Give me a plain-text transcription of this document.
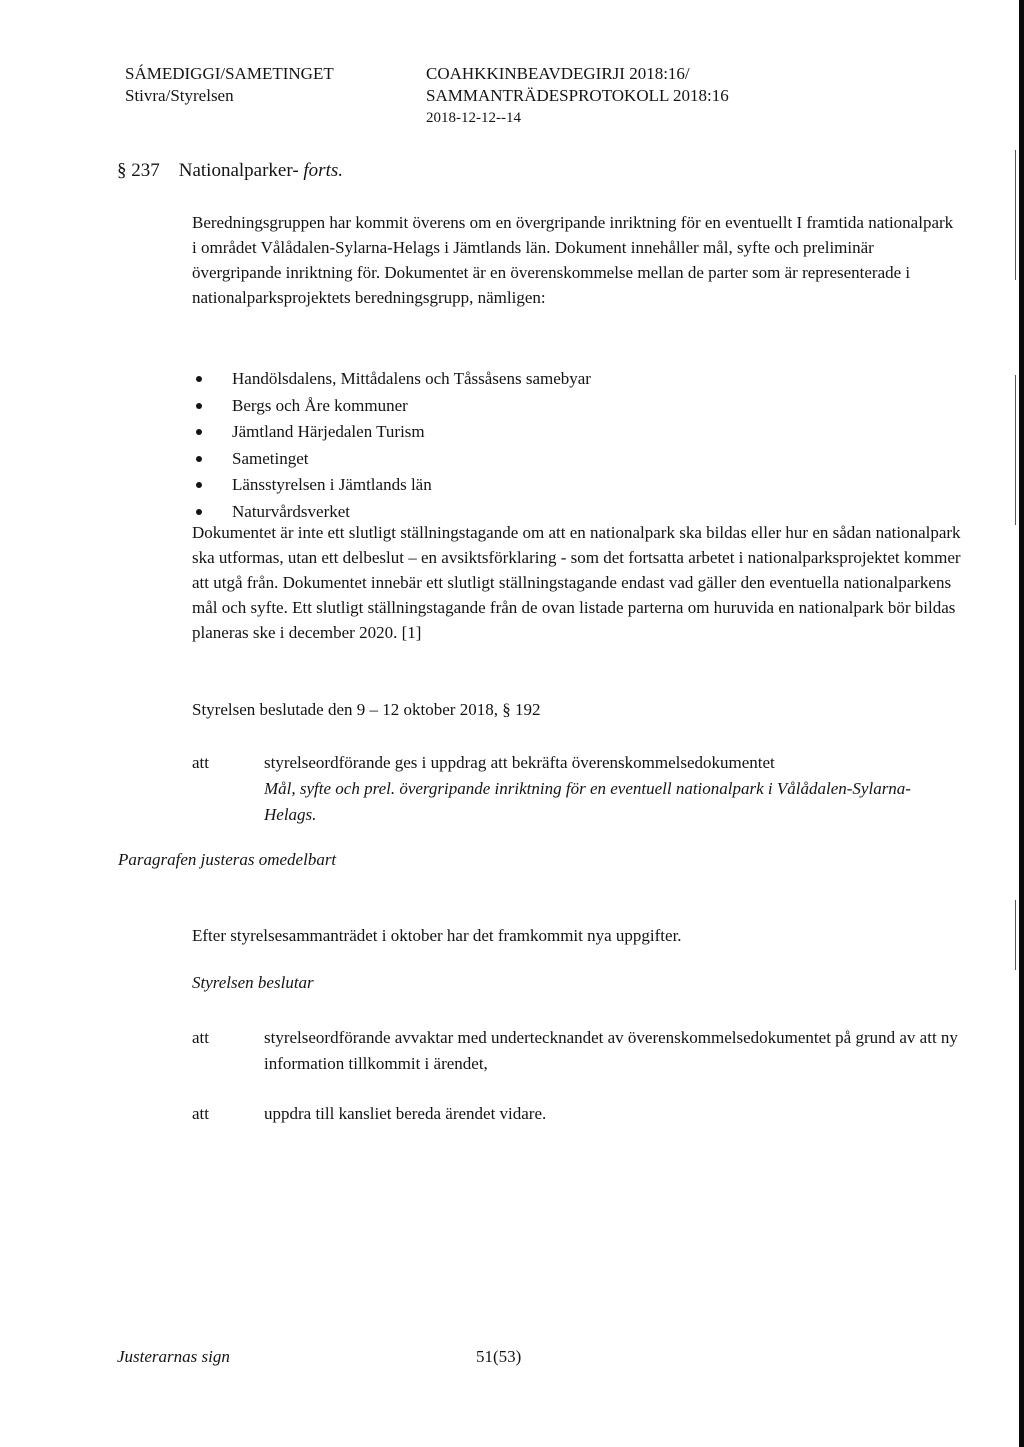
SÁMEDIGGI/SAMETINGET
Stivra/Styrelsen
COAHKKINBEAVDEGIRJI 2018:16/
SAMMANTRÄDESPROTOKOLL 2018:16
2018-12-12--14
§ 237 Nationalparker- forts.

Beredningsgruppen har kommit överens om en övergripande inriktning för en eventuellt I framtida nationalpark i området Vålådalen-Sylarna-Helags i Jämtlands län. Dokument innehåller mål, syfte och preliminär övergripande inriktning för. Dokumentet är en överenskommelse mellan de parter som är representerade i nationalparksprojektets beredningsgrupp, nämligen:

Handölsdalens, Mittådalens och Tåssåsens samebyar
Bergs och Åre kommuner
Jämtland Härjedalen Turism
Sametinget
Länsstyrelsen i Jämtlands län
Naturvårdsverket

Dokumentet är inte ett slutligt ställningstagande om att en nationalpark ska bildas eller hur en sådan nationalpark ska utformas, utan ett delbeslut – en avsiktsförklaring - som det fortsatta arbetet i nationalparksprojektet kommer att utgå från. Dokumentet innebär ett slutligt ställningstagande endast vad gäller den eventuella nationalparkens mål och syfte. Ett slutligt ställningstagande från de ovan listade parterna om huruvida en nationalpark bör bildas planeras ske i december 2020. [1]

Styrelsen beslutade den 9 – 12 oktober 2018, § 192
att	styrelseordförande ges i uppdrag att bekräfta överenskommelsedokumentet
Mål, syfte och prel. övergripande inriktning för en eventuell nationalpark i Vålådalen-Sylarna- Helags.
Paragrafen justeras omedelbart
Efter styrelsesammanträdet i oktober har det framkommit nya uppgifter.
Styrelsen beslutar
att	styrelseordförande avvaktar med undertecknandet av överenskommelsedokumentet på grund av att ny information tillkommit i ärendet,
att	uppdra till kansliet bereda ärendet vidare.
Justerarnas sign	51(53)
